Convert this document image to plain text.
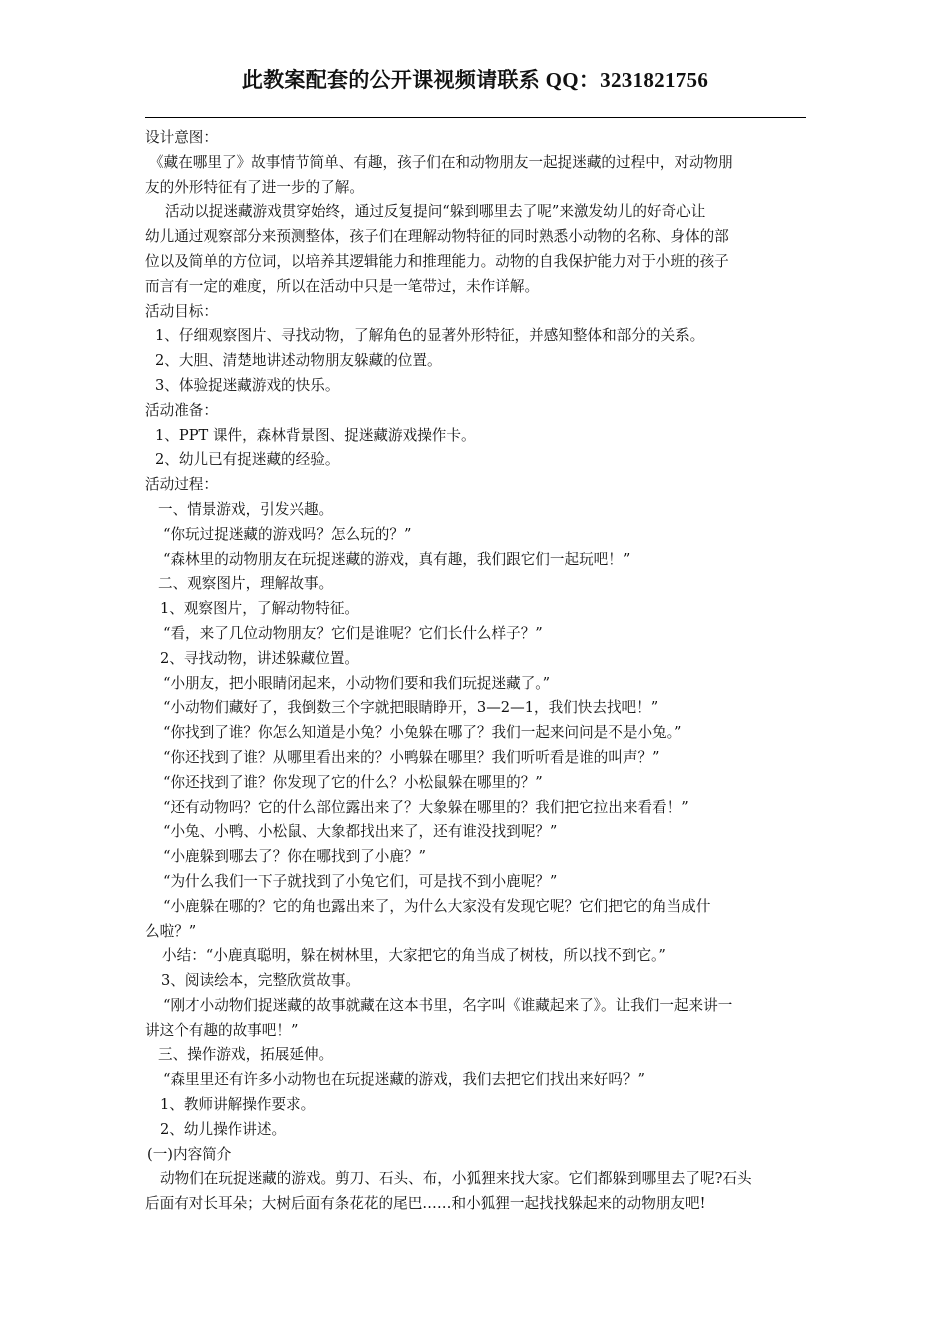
此教案配套的公开课视频请联系 QQ：3231821756
设计意图：
《藏在哪里了》故事情节简单、有趣，孩子们在和动物朋友一起捉迷藏的过程中，对动物朋
友的外形特征有了进一步的了解。
活动以捉迷藏游戏贯穿始终，通过反复提问“躲到哪里去了呢”来激发幼儿的好奇心让
幼儿通过观察部分来预测整体，孩子们在理解动物特征的同时熟悉小动物的名称、身体的部
位以及简单的方位词，以培养其逻辑能力和推理能力。动物的自我保护能力对于小班的孩子
而言有一定的难度，所以在活动中只是一笔带过，未作详解。
活动目标：
1、仔细观察图片、寻找动物，了解角色的显著外形特征，并感知整体和部分的关系。
2、大胆、清楚地讲述动物朋友躲藏的位置。
3、体验捉迷藏游戏的快乐。
活动准备：
1、PPT 课件，森林背景图、捉迷藏游戏操作卡。
2、幼儿已有捉迷藏的经验。
活动过程：
一、情景游戏，引发兴趣。
“你玩过捉迷藏的游戏吗？怎么玩的？”
“森林里的动物朋友在玩捉迷藏的游戏，真有趣，我们跟它们一起玩吧！”
二、观察图片，理解故事。
1、观察图片，了解动物特征。
“看，来了几位动物朋友？它们是谁呢？它们长什么样子？”
2、寻找动物，讲述躲藏位置。
“小朋友，把小眼睛闭起来，小动物们要和我们玩捉迷藏了。”
“小动物们藏好了，我倒数三个字就把眼睛睁开，3—2—1，我们快去找吧！”
“你找到了谁？你怎么知道是小兔？小兔躲在哪了？我们一起来问问是不是小兔。”
“你还找到了谁？从哪里看出来的？小鸭躲在哪里？我们听听看是谁的叫声？”
“你还找到了谁？你发现了它的什么？小松鼠躲在哪里的？”
“还有动物吗？它的什么部位露出来了？大象躲在哪里的？我们把它拉出来看看！”
“小兔、小鸭、小松鼠、大象都找出来了，还有谁没找到呢？”
“小鹿躲到哪去了？你在哪找到了小鹿？”
“为什么我们一下子就找到了小兔它们，可是找不到小鹿呢？”
“小鹿躲在哪的？它的角也露出来了，为什么大家没有发现它呢？它们把它的角当成什
么啦？”
小结：“小鹿真聪明，躲在树林里，大家把它的角当成了树枝，所以找不到它。”
3、阅读绘本，完整欣赏故事。
“刚才小动物们捉迷藏的故事就藏在这本书里，名字叫《谁藏起来了》。让我们一起来讲一
讲这个有趣的故事吧！”
三、操作游戏，拓展延伸。
“森里里还有许多小动物也在玩捉迷藏的游戏，我们去把它们找出来好吗？”
1、教师讲解操作要求。
2、幼儿操作讲述。
(一)内容简介
动物们在玩捉迷藏的游戏。剪刀、石头、布，小狐狸来找大家。它们都躲到哪里去了呢?石头
后面有对长耳朵；大树后面有条花花的尾巴……和小狐狸一起找找躲起来的动物朋友吧!
